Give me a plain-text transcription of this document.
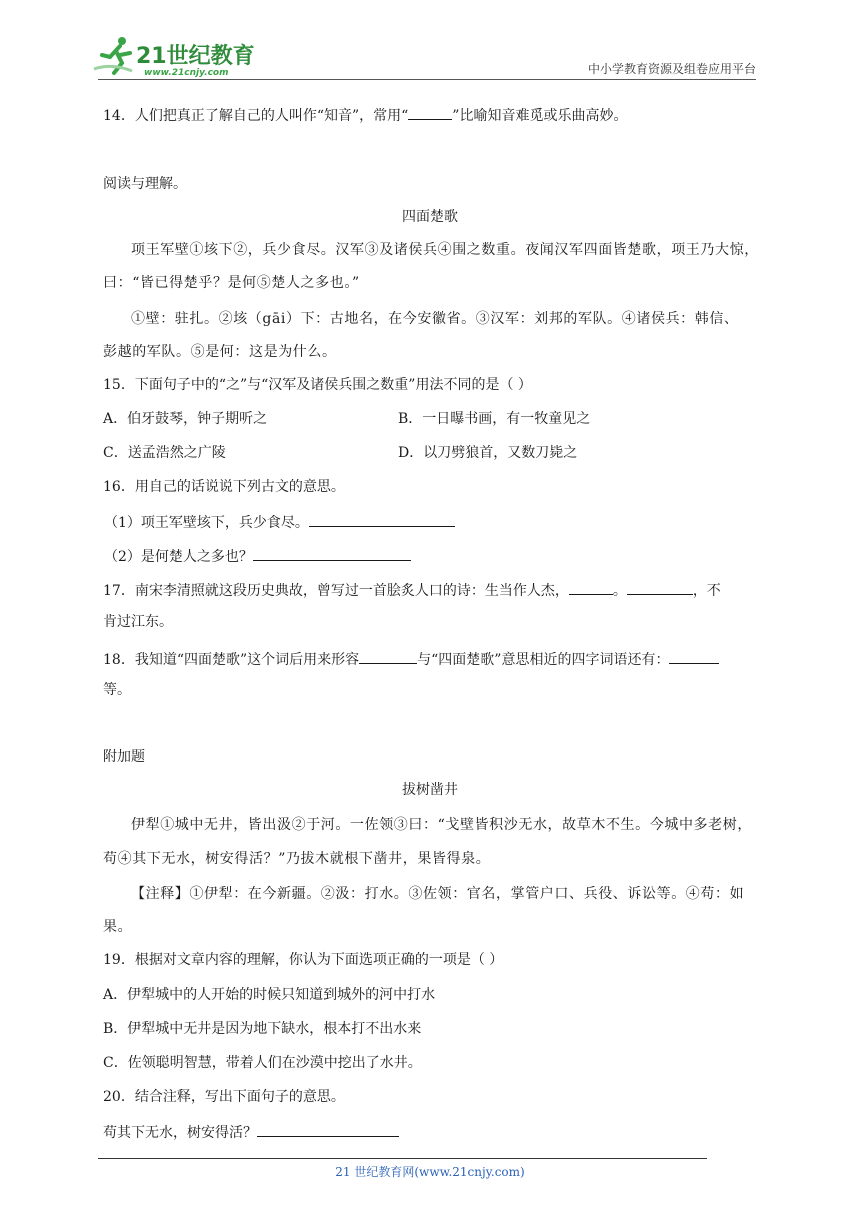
21世纪教育
www.21cnjy.com	中小学教育资源及组卷应用平台
14．人们把真正了解自己的人叫作“知音”，常用“	”比喻知音难觅或乐曲高妙。
阅读与理解。
四面楚歌
项王军壁①垓下②，兵少食尽。汉军③及诸侯兵④围之数重。夜闻汉军四面皆楚歌，项王乃大惊，
曰：“皆已得楚乎？是何⑤楚人之多也。”
①壁：驻扎。②垓（gāi）下：古地名，在今安徽省。③汉军：刘邦的军队。④诸侯兵：韩信、
彭越的军队。⑤是何：这是为什么。
15．下面句子中的“之”与“汉军及诸侯兵围之数重”用法不同的是（ ）
A．伯牙鼓琴，钟子期听之	B．一日曝书画，有一牧童见之
C．送孟浩然之广陵	D．以刀劈狼首，又数刀毙之
16．用自己的话说说下列古文的意思。
（1）项王军壁垓下，兵少食尽。
（2）是何楚人之多也？
17．南宋李清照就这段历史典故，曾写过一首脍炙人口的诗：生当作人杰，	。	，不
肯过江东。
18．我知道“四面楚歌”这个词后用来形容	与“四面楚歌”意思相近的四字词语还有：
等。
附加题
拔树凿井
伊犁①城中无井，皆出汲②于河。一佐领③曰：“戈壁皆积沙无水，故草木不生。今城中多老树，
苟④其下无水，树安得活？”乃拔木就根下凿井，果皆得泉。
【注释】①伊犁：在今新疆。②汲：打水。③佐领：官名，掌管户口、兵役、诉讼等。④苟：如
果。
19．根据对文章内容的理解，你认为下面选项正确的一项是（ ）
A．伊犁城中的人开始的时候只知道到城外的河中打水
B．伊犁城中无井是因为地下缺水，根本打不出水来
C．佐领聪明智慧，带着人们在沙漠中挖出了水井。
20．结合注释，写出下面句子的意思。
苟其下无水，树安得活？
21 世纪教育网(www.21cnjy.com)
